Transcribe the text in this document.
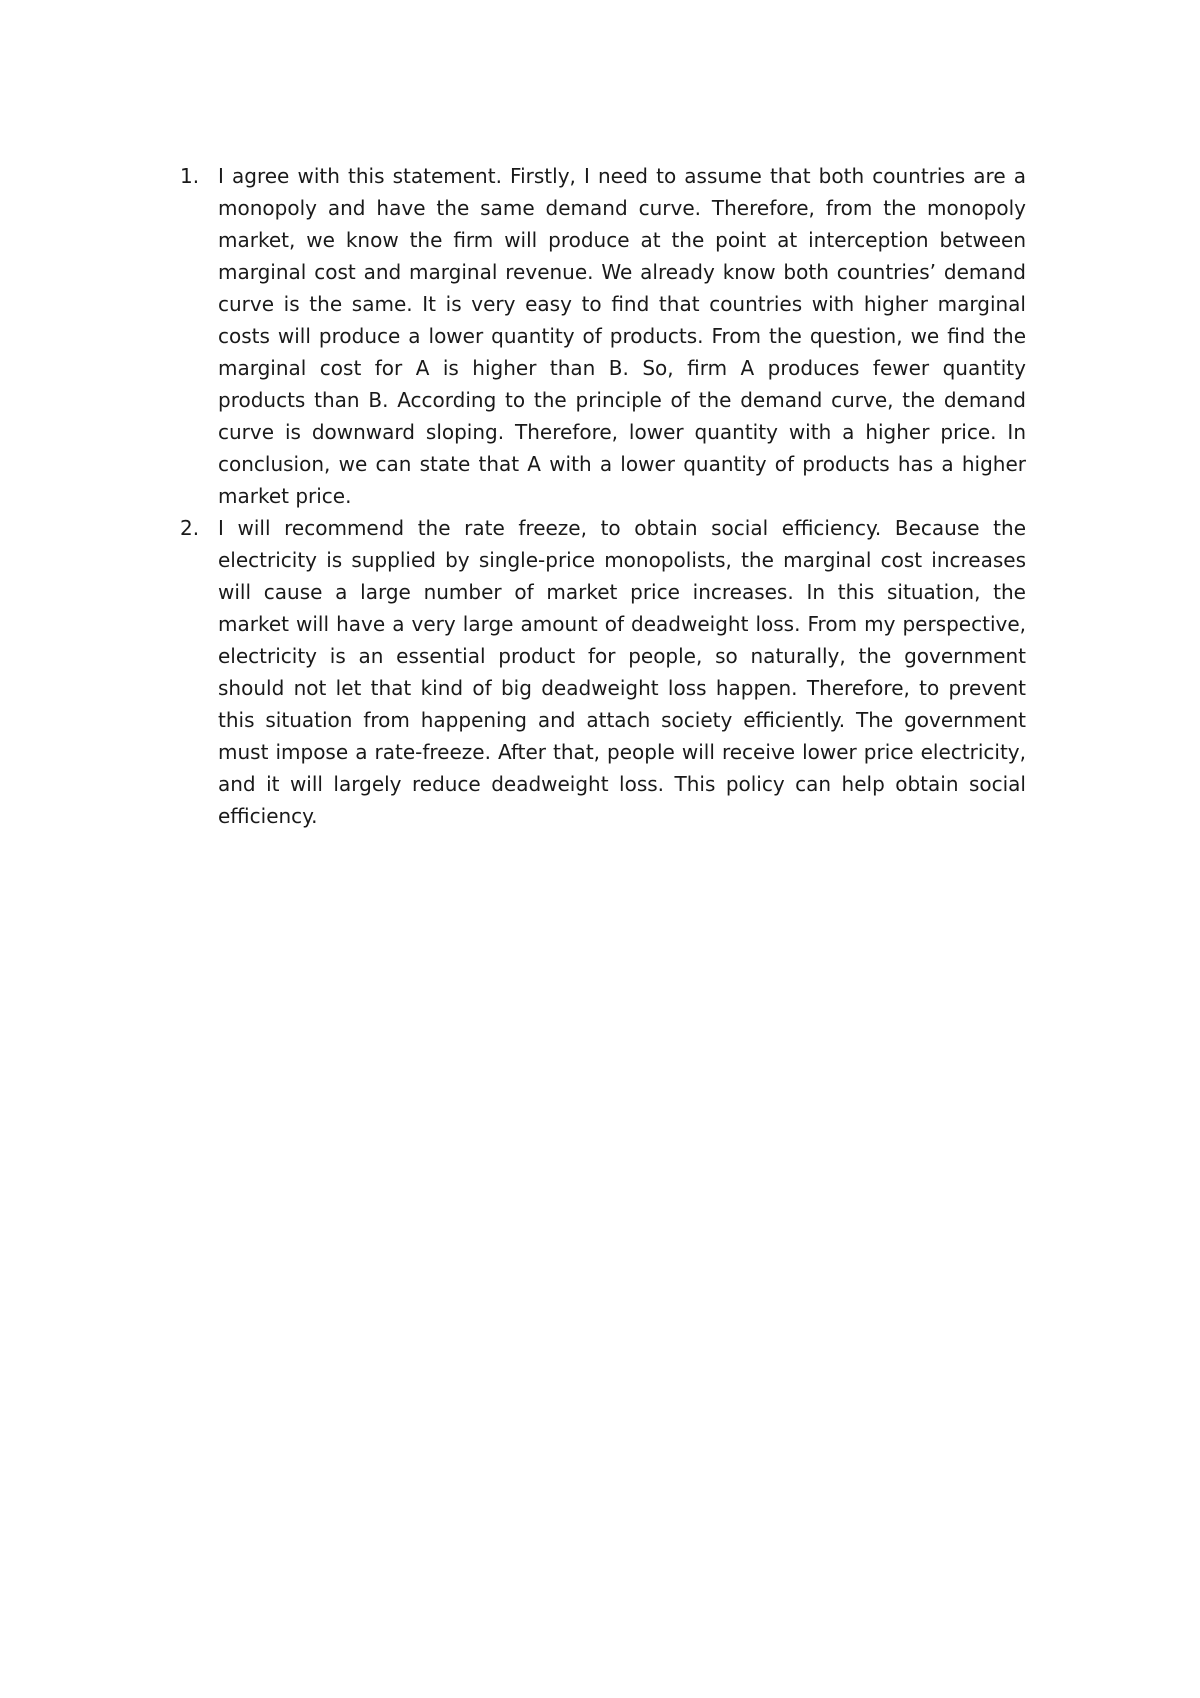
1. I agree with this statement. Firstly, I need to assume that both countries are a monopoly and have the same demand curve. Therefore, from the monopoly market, we know the firm will produce at the point at interception between marginal cost and marginal revenue. We already know both countries’ demand curve is the same. It is very easy to find that countries with higher marginal costs will produce a lower quantity of products. From the question, we find the marginal cost for A is higher than B. So, firm A produces fewer quantity products than B. According to the principle of the demand curve, the demand curve is downward sloping. Therefore, lower quantity with a higher price. In conclusion, we can state that A with a lower quantity of products has a higher market price.

2. I will recommend the rate freeze, to obtain social efficiency. Because the electricity is supplied by single-price monopolists, the marginal cost increases will cause a large number of market price increases. In this situation, the market will have a very large amount of deadweight loss. From my perspective, electricity is an essential product for people, so naturally, the government should not let that kind of big deadweight loss happen. Therefore, to prevent this situation from happening and attach society efficiently. The government must impose a rate-freeze. After that, people will receive lower price electricity, and it will largely reduce deadweight loss. This policy can help obtain social efficiency.
